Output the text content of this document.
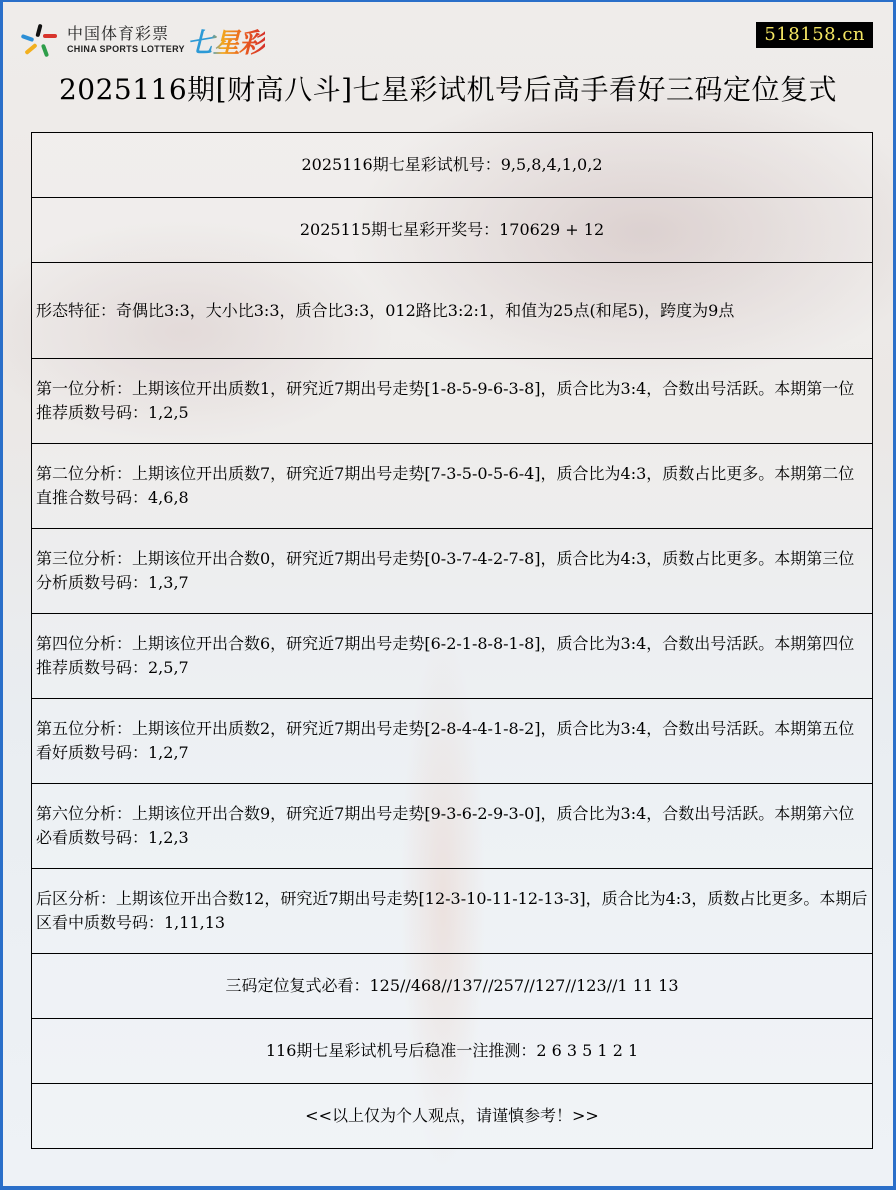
中国体育彩票
CHINA SPORTS LOTTERY 七星彩	518158.cn
2025116期[财高八斗]七星彩试机号后高手看好三码定位复式
2025116期七星彩试机号：9,5,8,4,1,0,2
2025115期七星彩开奖号：170629 + 12
形态特征：奇偶比3:3，大小比3:3，质合比3:3，012路比3:2:1，和值为25点(和尾5)，跨度为9点
第一位分析：上期该位开出质数1，研究近7期出号走势[1-8-5-9-6-3-8]，质合比为3:4，合数出号活跃。本期第一位推荐质数号码：1,2,5
第二位分析：上期该位开出质数7，研究近7期出号走势[7-3-5-0-5-6-4]，质合比为4:3，质数占比更多。本期第二位直推合数号码：4,6,8
第三位分析：上期该位开出合数0，研究近7期出号走势[0-3-7-4-2-7-8]，质合比为4:3，质数占比更多。本期第三位分析质数号码：1,3,7
第四位分析：上期该位开出合数6，研究近7期出号走势[6-2-1-8-8-1-8]，质合比为3:4，合数出号活跃。本期第四位推荐质数号码：2,5,7
第五位分析：上期该位开出质数2，研究近7期出号走势[2-8-4-4-1-8-2]，质合比为3:4，合数出号活跃。本期第五位看好质数号码：1,2,7
第六位分析：上期该位开出合数9，研究近7期出号走势[9-3-6-2-9-3-0]，质合比为3:4，合数出号活跃。本期第六位必看质数号码：1,2,3
后区分析：上期该位开出合数12，研究近7期出号走势[12-3-10-11-12-13-3]，质合比为4:3，质数占比更多。本期后区看中质数号码：1,11,13
三码定位复式必看：125//468//137//257//127//123//1 11 13
116期七星彩试机号后稳准一注推测：2 6 3 5 1 2 1
<<以上仅为个人观点，请谨慎参考！>>
